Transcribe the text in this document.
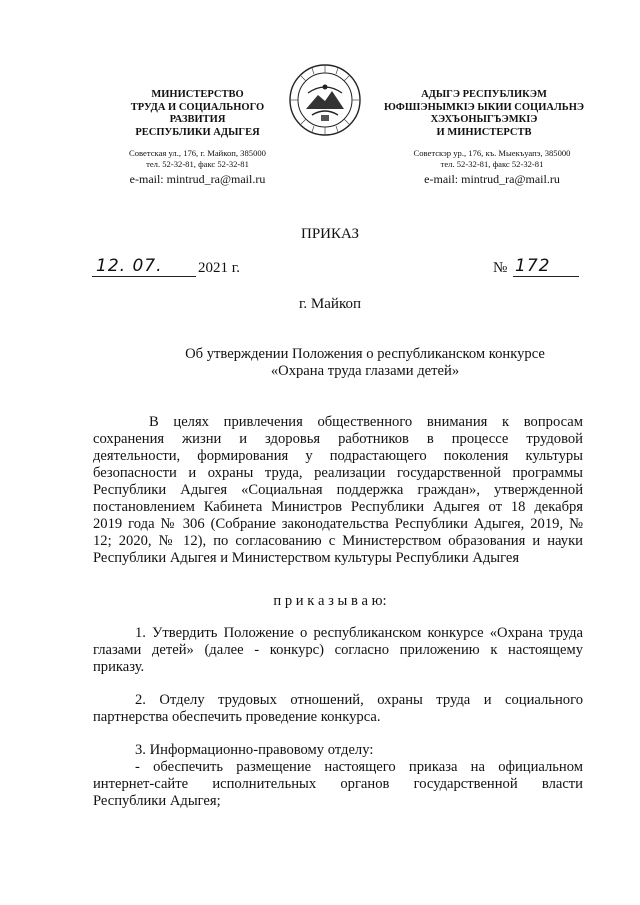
МИНИСТЕРСТВО
ТРУДА И СОЦИАЛЬНОГО
РАЗВИТИЯ
РЕСПУБЛИКИ АДЫГЕЯ
Советская ул., 176, г. Майкоп, 385000
тел. 52-32-81, факс 52-32-81
e-mail: mintrud_ra@mail.ru
АДЫГЭ РЕСПУБЛИКЭМ
ЮФШІЭНЫМКІЭ ЫКИИ СОЦИАЛЬНЭ
ХЭХЪОНЫГЪЭМКІЭ
И МИНИСТЕРСТВ
Советскэр ур., 176, къ. Мыекъуапэ, 385000
тел. 52-32-81, факс 52-32-81
e-mail: mintrud_ra@mail.ru
ПРИКАЗ
12. 07. 2021 г.	№ 172
г. Майкоп
Об утверждении Положения о республиканском конкурсе
«Охрана труда глазами детей»
В целях привлечения общественного внимания к вопросам
сохранения жизни и здоровья работников в процессе трудовой
деятельности, формирования у подрастающего поколения культуры
безопасности и охраны труда, реализации государственной программы
Республики Адыгея «Социальная поддержка граждан», утвержденной
постановлением Кабинета Министров Республики Адыгея от 18 декабря
2019 года № 306 (Собрание законодательства Республики Адыгея, 2019, №
12; 2020, № 12), по согласованию с Министерством образования и науки
Республики Адыгея и Министерством культуры Республики Адыгея
п р и к а з ы в а ю:
1. Утвердить Положение о республиканском конкурсе «Охрана труда
глазами детей» (далее - конкурс) согласно приложению к настоящему
приказу.
2. Отделу трудовых отношений, охраны труда и социального
партнерства обеспечить проведение конкурса.
3. Информационно-правовому отделу:
- обеспечить размещение настоящего приказа на официальном
интернет-сайте исполнительных органов государственной власти
Республики Адыгея;
